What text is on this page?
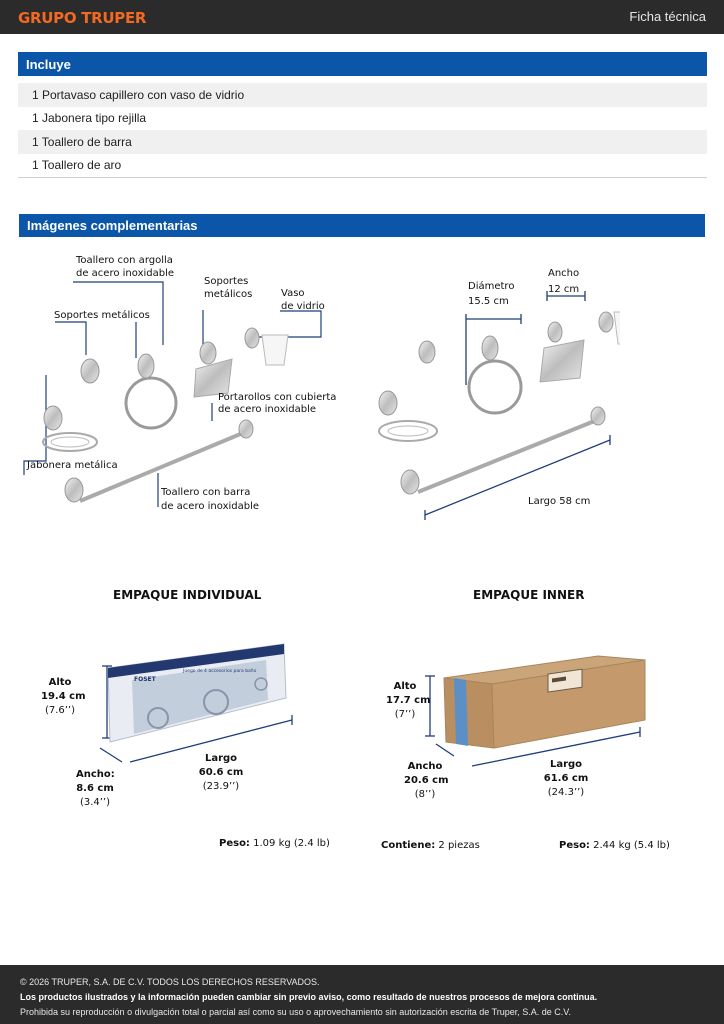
GRUPO TRUPER	Ficha técnica
Incluye
1 Portavaso capillero con vaso de vidrio
1 Jabonera tipo rejilla
1 Toallero de barra
1 Toallero de aro
Imágenes complementarias
Toallero con argolla
de acero inoxidable
Soportes
metálicos	Vaso
de vidrio
Soportes metálicos
Portarollos con cubierta
de acero inoxidable
Jabonera metálica
Toallero con barra
de acero inoxidable
Diámetro
15.5 cm
Ancho
12 cm
Largo 58 cm
EMPAQUE INDIVIDUAL	EMPAQUE INNER
FOSET
Juego de 4 accesorios para baño
Alto
19.4 cm
(7.6’’)
Ancho:
8.6 cm
(3.4’’)
Largo
60.6 cm
(23.9’’)
Peso: 1.09 kg (2.4 lb)
Alto
17.7 cm
(7’’)
Ancho
20.6 cm
(8’’)
Largo
61.6 cm
(24.3’’)
Contiene: 2 piezas	Peso: 2.44 kg (5.4 lb)
© 2026 TRUPER, S.A. DE C.V. TODOS LOS DERECHOS RESERVADOS.
Los productos ilustrados y la información pueden cambiar sin previo aviso, como resultado de nuestros procesos de mejora continua.
Prohibida su reproducción o divulgación total o parcial así como su uso o aprovechamiento sin autorización escrita de Truper, S.A. de C.V.
